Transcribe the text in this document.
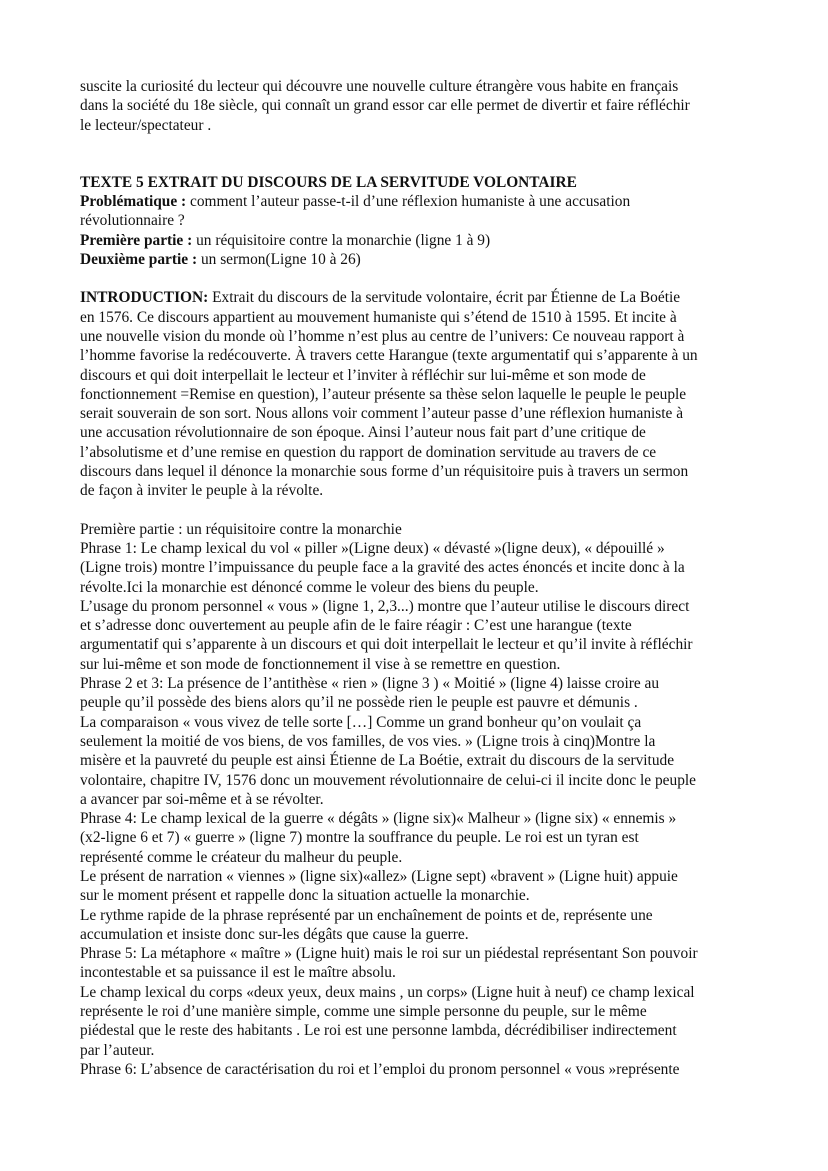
suscite la curiosité du lecteur qui découvre une nouvelle culture étrangère vous habite en français
dans la société du 18e siècle, qui connaît un grand essor car elle permet de divertir et faire réfléchir
le lecteur/spectateur .
TEXTE 5 EXTRAIT DU DISCOURS DE LA SERVITUDE VOLONTAIRE
Problématique : comment l’auteur passe-t-il d’une réflexion humaniste à une accusation
révolutionnaire ?
Première partie : un réquisitoire contre la monarchie (ligne 1 à 9)
Deuxième partie : un sermon(Ligne 10 à 26)
INTRODUCTION: Extrait du discours de la servitude volontaire, écrit par Étienne de La Boétie
en 1576. Ce discours appartient au mouvement humaniste qui s’étend de 1510 à 1595. Et incite à
une nouvelle vision du monde où l’homme n’est plus au centre de l’univers: Ce nouveau rapport à
l’homme favorise la redécouverte. À travers cette Harangue (texte argumentatif qui s’apparente à un
discours et qui doit interpellait le lecteur et l’inviter à réfléchir sur lui-même et son mode de
fonctionnement =Remise en question), l’auteur présente sa thèse selon laquelle le peuple le peuple
serait souverain de son sort. Nous allons voir comment l’auteur passe d’une réflexion humaniste à
une accusation révolutionnaire de son époque. Ainsi l’auteur nous fait part d’une critique de
l’absolutisme et d’une remise en question du rapport de domination servitude au travers de ce
discours dans lequel il dénonce la monarchie sous forme d’un réquisitoire puis à travers un sermon
de façon à inviter le peuple à la révolte.
Première partie : un réquisitoire contre la monarchie
Phrase 1: Le champ lexical du vol « piller »(Ligne deux) « dévasté »(ligne deux), « dépouillé »
(Ligne trois) montre l’impuissance du peuple face a la gravité des actes énoncés et incite donc à la
révolte.Ici la monarchie est dénoncé comme le voleur des biens du peuple.
L’usage du pronom personnel « vous » (ligne 1, 2,3...) montre que l’auteur utilise le discours direct
et s’adresse donc ouvertement au peuple afin de le faire réagir : C’est une harangue (texte
argumentatif qui s’apparente à un discours et qui doit interpellait le lecteur et qu’il invite à réfléchir
sur lui-même et son mode de fonctionnement il vise à se remettre en question.
Phrase 2 et 3: La présence de l’antithèse « rien » (ligne 3 ) « Moitié » (ligne 4) laisse croire au
peuple qu’il possède des biens alors qu’il ne possède rien le peuple est pauvre et démunis .
La comparaison « vous vivez de telle sorte […] Comme un grand bonheur qu’on voulait ça
seulement la moitié de vos biens, de vos familles, de vos vies. » (Ligne trois à cinq)Montre la
misère et la pauvreté du peuple est ainsi Étienne de La Boétie, extrait du discours de la servitude
volontaire, chapitre IV, 1576 donc un mouvement révolutionnaire de celui-ci il incite donc le peuple
a avancer par soi-même et à se révolter.
Phrase 4: Le champ lexical de la guerre « dégâts » (ligne six)« Malheur » (ligne six) « ennemis »
(x2-ligne 6 et 7) « guerre » (ligne 7) montre la souffrance du peuple. Le roi est un tyran est
représenté comme le créateur du malheur du peuple.
Le présent de narration « viennes » (ligne six)«allez» (Ligne sept) «bravent » (Ligne huit) appuie
sur le moment présent et rappelle donc la situation actuelle la monarchie.
Le rythme rapide de la phrase représenté par un enchaînement de points et de, représente une
accumulation et insiste donc sur-les dégâts que cause la guerre.
Phrase 5: La métaphore « maître » (Ligne huit) mais le roi sur un piédestal représentant Son pouvoir
incontestable et sa puissance il est le maître absolu.
Le champ lexical du corps «deux yeux, deux mains , un corps» (Ligne huit à neuf) ce champ lexical
représente le roi d’une manière simple, comme une simple personne du peuple, sur le même
piédestal que le reste des habitants . Le roi est une personne lambda, décrédibiliser indirectement
par l’auteur.
Phrase 6: L’absence de caractérisation du roi et l’emploi du pronom personnel « vous »représente
